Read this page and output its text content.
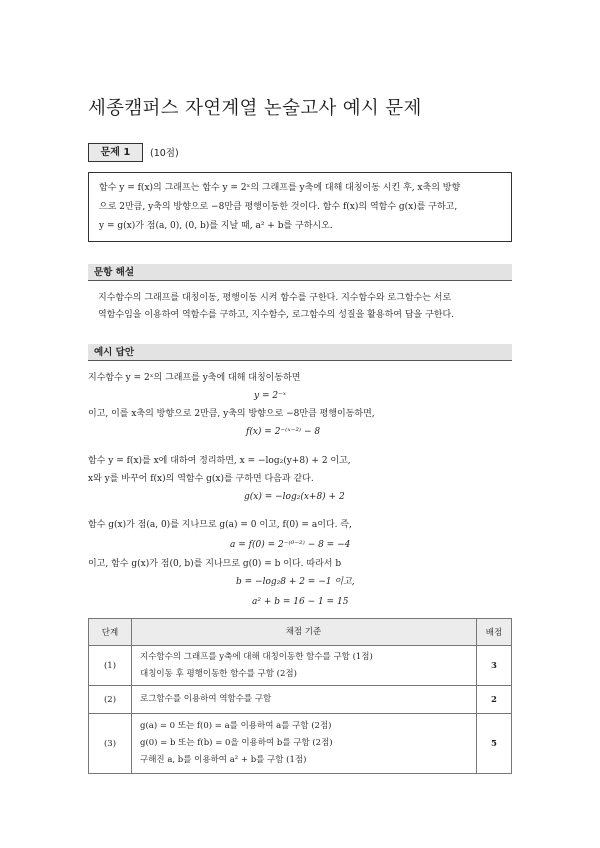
세종캠퍼스 자연계열 논술고사 예시 문제
문제 1	(10점)
함수 y = f(x)의 그래프는 함수 y = 2ˣ의 그래프를 y축에 대해 대칭이동 시킨 후, x축의 방향
으로 2만큼, y축의 방향으로 −8만큼 평행이동한 것이다. 함수 f(x)의 역함수 g(x)를 구하고,
y = g(x)가 점(a, 0), (0, b)를 지날 때, a² + b를 구하시오.
문항 해설
지수함수의 그래프를 대칭이동, 평행이동 시켜 함수를 구한다. 지수함수와 로그함수는 서로
역함수임을 이용하여 역함수를 구하고, 지수함수, 로그함수의 성질을 활용하여 답을 구한다.
예시 답안
지수함수 y = 2ˣ의 그래프를 y축에 대해 대칭이동하면
y = 2⁻ˣ
이고, 이를 x축의 방향으로 2만큼, y축의 방향으로 −8만큼 평행이동하면,
f(x) = 2⁻⁽ˣ⁻²⁾ − 8
함수 y = f(x)를 x에 대하여 정리하면, x = −log₂(y+8) + 2 이고,
x와 y를 바꾸어 f(x)의 역함수 g(x)를 구하면 다음과 같다.
g(x) = −log₂(x+8) + 2
함수 g(x)가 점(a, 0)를 지나므로 g(a) = 0 이고, f(0) = a이다. 즉,
a = f(0) = 2⁻⁽⁰⁻²⁾ − 8 = −4
이고, 함수 g(x)가 점(0, b)를 지나므로 g(0) = b 이다. 따라서 b
b = −log₂8 + 2 = −1 이고,
a² + b = 16 − 1 = 15
단계	채점 기준	배점
(1)	지수함수의 그래프를 y축에 대해 대칭이동한 함수를 구함 (1점)
대칭이동 후 평행이동한 함수를 구함 (2점)	3
(2)	로그함수를 이용하여 역함수를 구함	2
(3)	g(a) = 0 또는 f(0) = a를 이용하여 a를 구함 (2점)
g(0) = b 또는 f(b) = 0을 이용하여 b를 구함 (2점)
구해진 a, b를 이용하여 a² + b를 구함 (1점)	5
